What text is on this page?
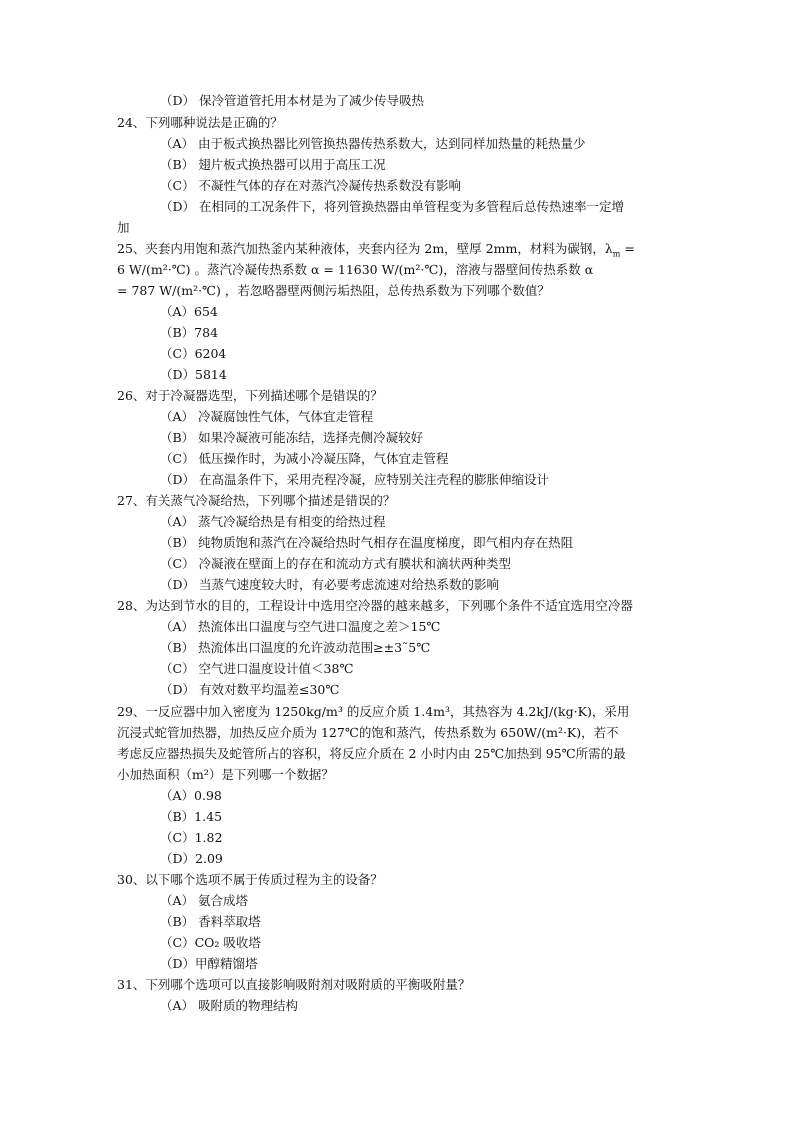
（D） 保冷管道管托用本材是为了减少传导吸热
24、下列哪种说法是正确的？
（A） 由于板式换热器比列管换热器传热系数大，达到同样加热量的耗热量少
（B） 翅片板式换热器可以用于高压工况
（C） 不凝性气体的存在对蒸汽冷凝传热系数没有影响
（D） 在相同的工况条件下，将列管换热器由单管程变为多管程后总传热速率一定增
加
25、夹套内用饱和蒸汽加热釜内某种液体，夹套内径为 2m，壁厚 2mm，材料为碳钢，$\lambda_m$ =
6 W/(m²·℃) 。蒸汽冷凝传热系数 α = 11630 W/(m²·℃)，溶液与器壁间传热系数 α
= 787 W/(m²·℃) ，若忽略器壁两侧污垢热阻，总传热系数为下列哪个数值？
（A）654
（B）784
（C）6204
（D）5814
26、对于冷凝器选型，下列描述哪个是错误的？
（A） 冷凝腐蚀性气体，气体宜走管程
（B） 如果冷凝液可能冻结，选择壳侧冷凝较好
（C） 低压操作时，为减小冷凝压降，气体宜走管程
（D） 在高温条件下，采用壳程冷凝，应特别关注壳程的膨胀伸缩设计
27、有关蒸气冷凝给热，下列哪个描述是错误的？
（A） 蒸气冷凝给热是有相变的给热过程
（B） 纯物质饱和蒸汽在冷凝给热时气相存在温度梯度，即气相内存在热阻
（C） 冷凝液在壁面上的存在和流动方式有膜状和滴状两种类型
（D） 当蒸气速度较大时，有必要考虑流速对给热系数的影响
28、为达到节水的目的，工程设计中选用空冷器的越来越多，下列哪个条件不适宜选用空冷器
（A） 热流体出口温度与空气进口温度之差＞15℃
（B） 热流体出口温度的允许波动范围≥±3˜5℃
（C） 空气进口温度设计值＜38℃
（D） 有效对数平均温差≤30℃
29、一反应器中加入密度为 1250kg/m³ 的反应介质 1.4m³，其热容为 4.2kJ/(kg·K)，采用
沉浸式蛇管加热器，加热反应介质为 127℃的饱和蒸汽，传热系数为 650W/(m²·K)，若不
考虑反应器热损失及蛇管所占的容积，将反应介质在 2 小时内由 25℃加热到 95℃所需的最
小加热面积（m²）是下列哪一个数据？
（A）0.98
（B）1.45
（C）1.82
（D）2.09
30、以下哪个选项不属于传质过程为主的设备？
（A） 氨合成塔
（B） 香料萃取塔
（C）CO₂ 吸收塔
（D）甲醇精馏塔
31、下列哪个选项可以直接影响吸附剂对吸附质的平衡吸附量？
（A） 吸附质的物理结构
